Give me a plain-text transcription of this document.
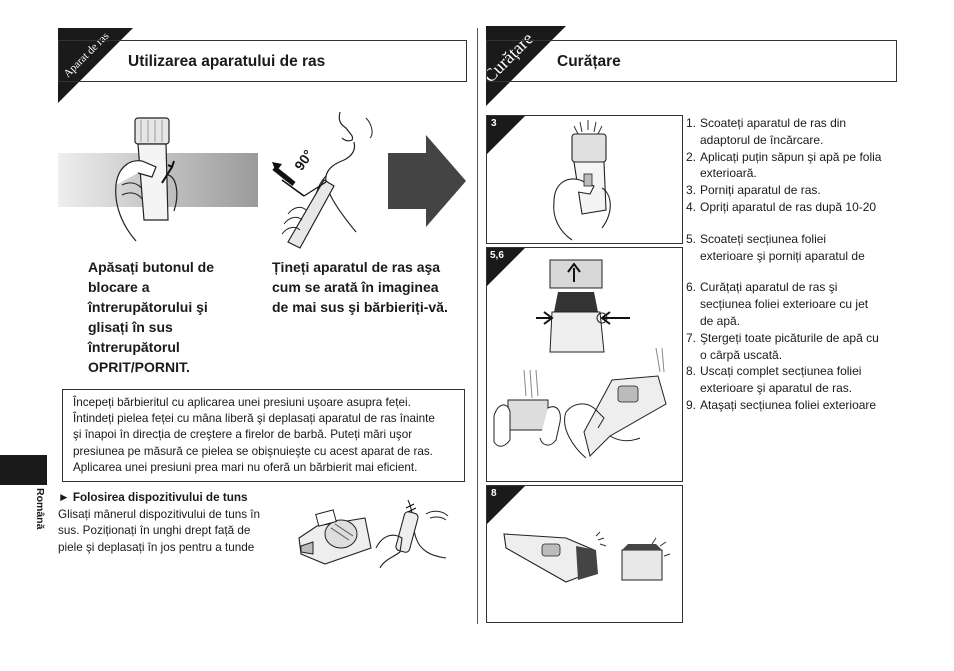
Aparat de ras Utilizarea aparatului de ras
90°
Apăsați butonul de
blocare a
întrerupătorului şi
glisați în sus
întrerupătorul
OPRIT/PORNIT.
Țineți aparatul de ras aşa
cum se arată în imaginea
de mai sus şi bărbieriți-vă.
Începeți bărbieritul cu aplicarea unei presiuni uşoare asupra feței.
Întindeți pielea feței cu mâna liberă şi deplasați aparatul de ras înainte
şi înapoi în direcția de creştere a firelor de barbă. Puteți mări uşor
presiunea pe măsură ce pielea se obişnuieşte cu acest aparat de ras.
Aplicarea unei presiuni prea mari nu oferă un bărbierit mai eficient.

► Folosirea dispozitivului de tuns

Glisați mânerul dispozitivului de tuns în

sus. Poziționați în unghi drept față de

piele şi deplasați în jos pentru a tunde

Română
Curățare Curățare
3
5,6
8
1. Scoateți aparatul de ras din
adaptorul de încărcare.
2. Aplicați puțin săpun şi apă pe folia
exterioară.
3. Porniți aparatul de ras.
4. Opriți aparatul de ras după 10-20
5. Scoateți secțiunea foliei
exterioare şi porniți aparatul de
6. Curățați aparatul de ras şi
secțiunea foliei exterioare cu jet
de apă.
7. Ştergeți toate picăturile de apă cu
o cârpă uscată.
8. Uscați complet secțiunea foliei
exterioare şi aparatul de ras.
9. Ataşați secțiunea foliei exterioare
